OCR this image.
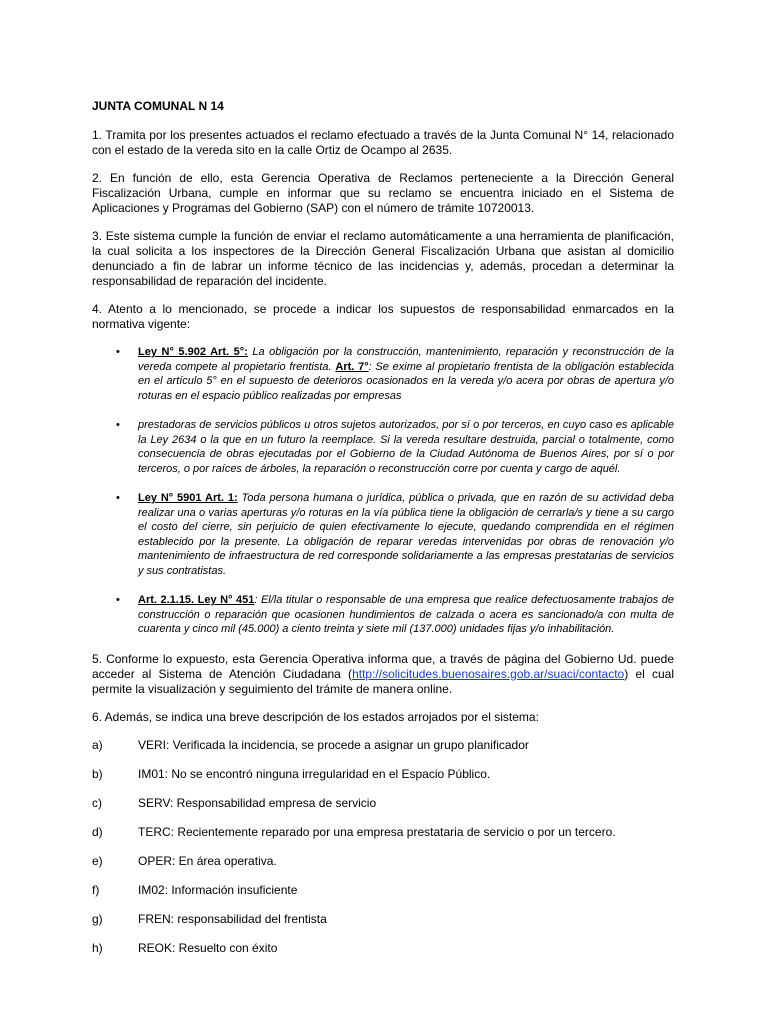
JUNTA COMUNAL N 14

1. Tramita por los presentes actuados el reclamo efectuado a través de la Junta Comunal N° 14, relacionado con el estado de la vereda sito en la calle Ortiz de Ocampo al 2635.

2. En función de ello, esta Gerencia Operativa de Reclamos perteneciente a la Dirección General Fiscalización Urbana, cumple en informar que su reclamo se encuentra iniciado en el Sistema de Aplicaciones y Programas del Gobierno (SAP) con el número de trámite 10720013.

3. Este sistema cumple la función de enviar el reclamo automáticamente a una herramienta de planificación, la cual solicita a los inspectores de la Dirección General Fiscalización Urbana que asistan al domicilio denunciado a fin de labrar un informe técnico de las incidencias y, además, procedan a determinar la responsabilidad de reparación del incidente.

4. Atento a lo mencionado, se procede a indicar los supuestos de responsabilidad enmarcados en la normativa vigente:

• Ley N° 5.902 Art. 5°: La obligación por la construcción, mantenimiento, reparación y reconstrucción de la vereda compete al propietario frentista. Art. 7°: Se exime al propietario frentista de la obligación establecida en el artículo 5° en el supuesto de deterioros ocasionados en la vereda y/o acera por obras de apertura y/o roturas en el espacio público realizadas por empresas
• prestadoras de servicios públicos u otros sujetos autorizados, por sí o por terceros, en cuyo caso es aplicable la Ley 2634 o la que en un futuro la reemplace. Si la vereda resultare destruida, parcial o totalmente, como consecuencia de obras ejecutadas por el Gobierno de la Ciudad Autónoma de Buenos Aires, por sí o por terceros, o por raíces de árboles, la reparación o reconstrucción corre por cuenta y cargo de aquél.
• Ley N° 5901 Art. 1: Toda persona humana o jurídica, pública o privada, que en razón de su actividad deba realizar una o varias aperturas y/o roturas en la vía pública tiene la obligación de cerrarla/s y tiene a su cargo el costo del cierre, sin perjuicio de quien efectivamente lo ejecute, quedando comprendida en el régimen establecido por la presente. La obligación de reparar veredas intervenidas por obras de renovación y/o mantenimiento de infraestructura de red corresponde solidariamente a las empresas prestatarias de servicios y sus contratistas.
• Art. 2.1.15. Ley N° 451: El/la titular o responsable de una empresa que realice defectuosamente trabajos de construcción o reparación que ocasionen hundimientos de calzada o acera es sancionado/a con multa de cuarenta y cinco mil (45.000) a ciento treinta y siete mil (137.000) unidades fijas y/o inhabilitación.

5. Conforme lo expuesto, esta Gerencia Operativa informa que, a través de página del Gobierno Ud. puede acceder al Sistema de Atención Ciudadana (http://solicitudes.buenosaires.gob.ar/suaci/contacto) el cual permite la visualización y seguimiento del trámite de manera online.

6. Además, se indica una breve descripción de los estados arrojados por el sistema:

a)	VERI: Verificada la incidencia, se procede a asignar un grupo planificador
b)	IM01: No se encontró ninguna irregularidad en el Espacio Público.
c)	SERV: Responsabilidad empresa de servicio
d)	TERC: Recientemente reparado por una empresa prestataria de servicio o por un tercero.
e)	OPER: En área operativa.
f)	IM02: Información insuficiente
g)	FREN: responsabilidad del frentista
h)	REOK: Resuelto con éxito
